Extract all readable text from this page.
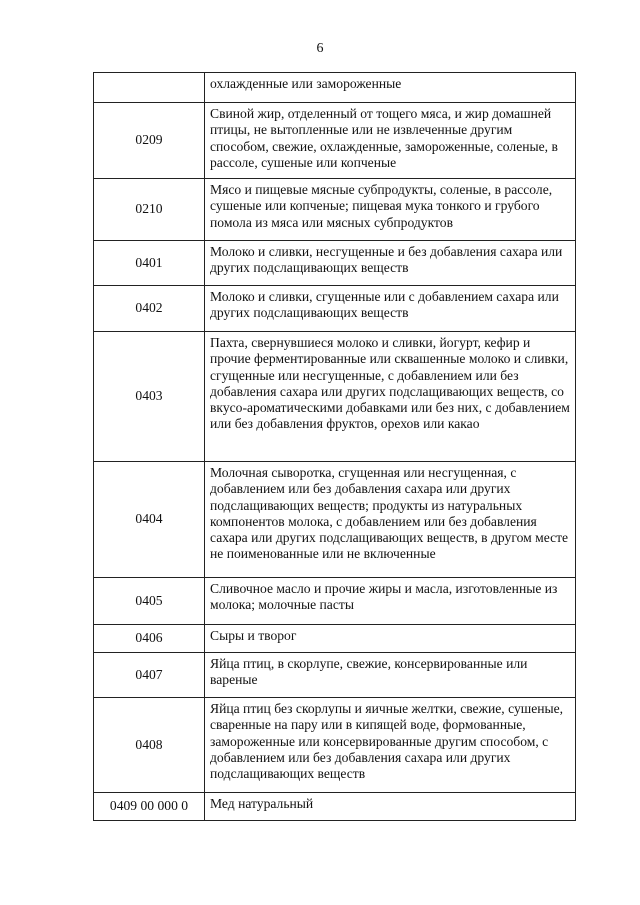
6
	охлажденные или замороженные
0209	Свиной жир, отделенный от тощего мяса, и жир домашней птицы, не вытопленные или не извлеченные другим способом, свежие, охлажденные, замороженные, соленые, в рассоле, сушеные или копченые
0210	Мясо и пищевые мясные субпродукты, соленые, в рассоле, сушеные или копченые; пищевая мука тонкого и грубого помола из мяса или мясных субпродуктов
0401	Молоко и сливки, несгущенные и без добавления сахара или других подслащивающих веществ
0402	Молоко и сливки, сгущенные или с добавлением сахара или других подслащивающих веществ
0403	Пахта, свернувшиеся молоко и сливки, йогурт, кефир и прочие ферментированные или сквашенные молоко и сливки, сгущенные или несгущенные, с добавлением или без добавления сахара или других подслащивающих веществ, со вкусо-ароматическими добавками или без них, с добавлением или без добавления фруктов, орехов или какао
0404	Молочная сыворотка, сгущенная или несгущенная, с добавлением или без добавления сахара или других подслащивающих веществ; продукты из натуральных компонентов молока, с добавлением или без добавления сахара или других подслащивающих веществ, в другом месте не поименованные или не включенные
0405	Сливочное масло и прочие жиры и масла, изготовленные из молока; молочные пасты
0406	Сыры и творог
0407	Яйца птиц, в скорлупе, свежие, консервированные или вареные
0408	Яйца птиц без скорлупы и яичные желтки, свежие, сушеные, сваренные на пару или в кипящей воде, формованные, замороженные или консервированные другим способом, с добавлением или без добавления сахара или других подслащивающих веществ
0409 00 000 0	Мед натуральный
